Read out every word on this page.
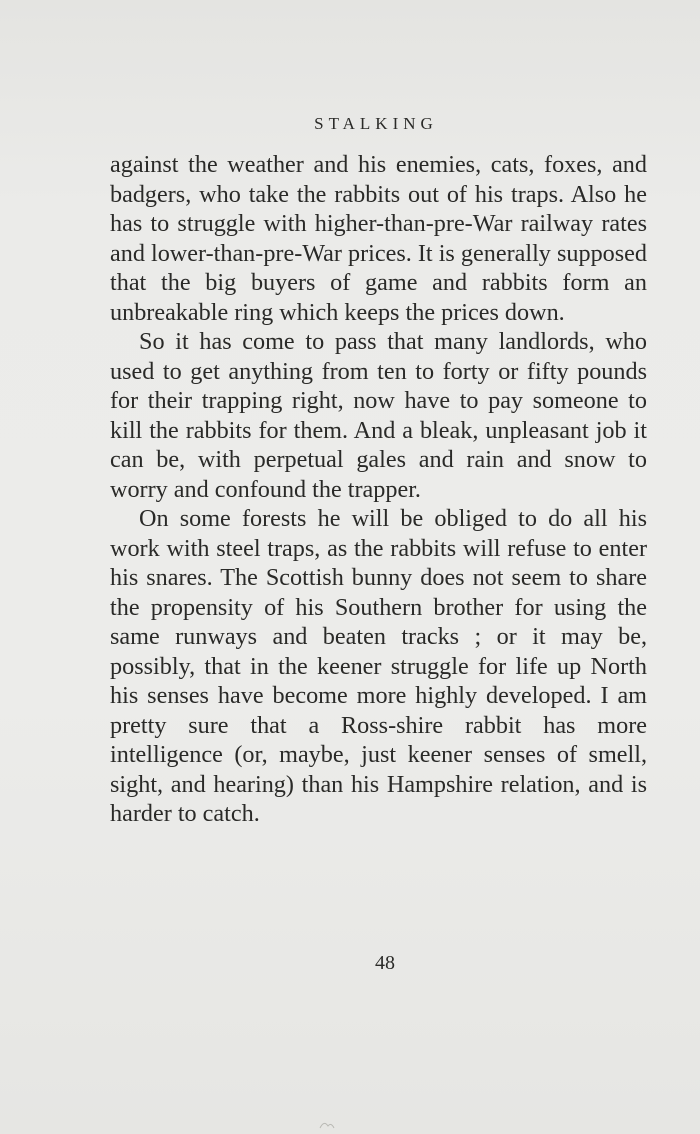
STALKING

against the weather and his enemies, cats, foxes, and badgers, who take the rabbits out of his traps. Also he has to struggle with higher-than-pre-War railway rates and lower-than-pre-War prices. It is generally supposed that the big buyers of game and rabbits form an unbreakable ring which keeps the prices down.

So it has come to pass that many landlords, who used to get anything from ten to forty or fifty pounds for their trapping right, now have to pay someone to kill the rabbits for them. And a bleak, unpleasant job it can be, with perpetual gales and rain and snow to worry and confound the trapper.

On some forests he will be obliged to do all his work with steel traps, as the rabbits will refuse to enter his snares. The Scottish bunny does not seem to share the propensity of his Southern brother for using the same runways and beaten tracks ; or it may be, possibly, that in the keener struggle for life up North his senses have become more highly developed. I am pretty sure that a Ross-shire rabbit has more intelligence (or, maybe, just keener senses of smell, sight, and hearing) than his Hampshire relation, and is harder to catch.

48
